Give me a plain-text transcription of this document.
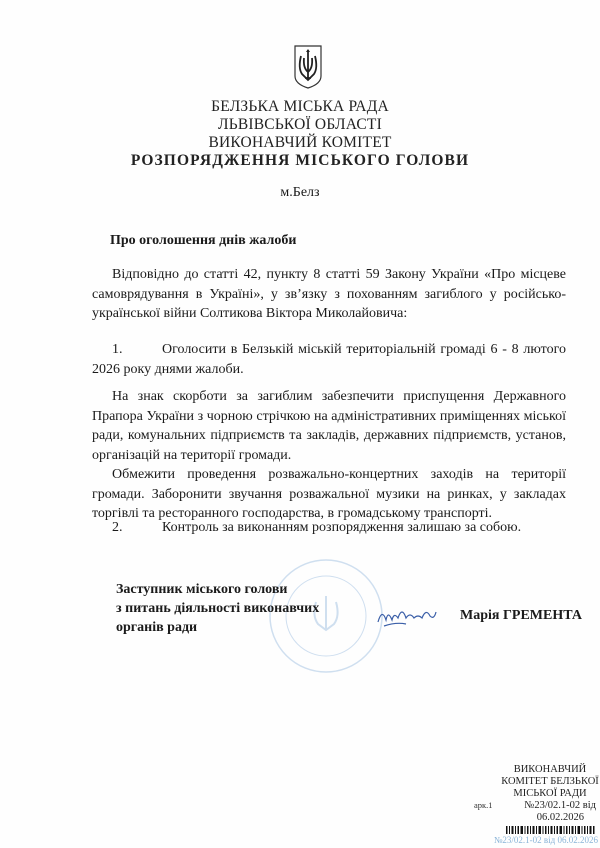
БЕЛЗЬКА МІСЬКА РАДА
ЛЬВІВСЬКОЇ ОБЛАСТІ
ВИКОНАВЧИЙ КОМІТЕТ
РОЗПОРЯДЖЕННЯ МІСЬКОГО ГОЛОВИ
м.Белз
Про оголошення днів жалоби
Відповідно до статті 42, пункту 8 статті 59 Закону України «Про місцеве самоврядування в Україні», у зв’язку з похованням загиблого у російсько-української війни Солтикова Віктора Миколайовича:
1.	Оголосити в Белзькій міській територіальній громаді 6 - 8 лютого 2026 року днями жалоби.
На знак скорботи за загиблим забезпечити приспущення Державного Прапора України з чорною стрічкою на адміністративних приміщеннях міської ради, комунальних підприємств та закладів, державних підприємств, установ, організацій на території громади.
Обмежити проведення розважально-концертних заходів на території громади. Заборонити звучання розважальної музики на ринках, у закладах торгівлі та ресторанного господарства, в громадському транспорті.
2.	Контроль за виконанням розпорядження залишаю за собою.
Заступник міського голови
з питань діяльності виконавчих
органів ради
Марія ГРЕМЕНТА
ВИКОНАВЧИЙ
КОМІТЕТ БЕЛЗЬКОЇ
МІСЬКОЇ РАДИ
арк.1	№23/02.1-02 від
06.02.2026
№23/02.1-02 від 06.02.2026
